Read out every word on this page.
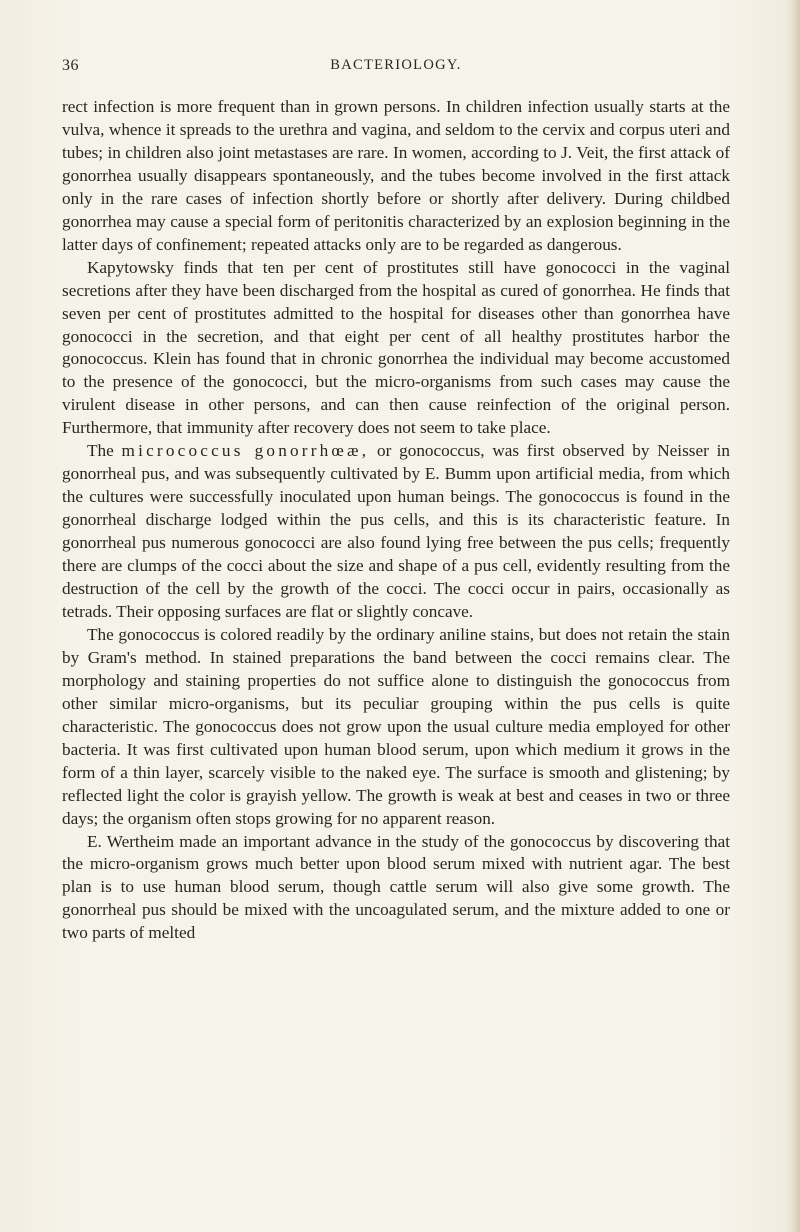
36	BACTERIOLOGY.

rect infection is more frequent than in grown persons. In children infection usually starts at the vulva, whence it spreads to the urethra and vagina, and seldom to the cervix and corpus uteri and tubes; in children also joint metastases are rare. In women, according to J. Veit, the first attack of gonorrhea usually disappears spontaneously, and the tubes become involved in the first attack only in the rare cases of infection shortly before or shortly after delivery. During childbed gonorrhea may cause a special form of peritonitis characterized by an explosion beginning in the latter days of confinement; repeated attacks only are to be regarded as dangerous.

Kapytowsky finds that ten per cent of prostitutes still have gonococci in the vaginal secretions after they have been discharged from the hospital as cured of gonorrhea. He finds that seven per cent of prostitutes admitted to the hospital for diseases other than gonorrhea have gonococci in the secretion, and that eight per cent of all healthy prostitutes harbor the gonococcus. Klein has found that in chronic gonorrhea the individual may become accustomed to the presence of the gonococci, but the micro-organisms from such cases may cause the virulent disease in other persons, and can then cause reinfection of the original person. Furthermore, that immunity after recovery does not seem to take place.

The micrococcus gonorrhœæ, or gonococcus, was first observed by Neisser in gonorrheal pus, and was subsequently cultivated by E. Bumm upon artificial media, from which the cultures were successfully inoculated upon human beings. The gonococcus is found in the gonorrheal discharge lodged within the pus cells, and this is its characteristic feature. In gonorrheal pus numerous gonococci are also found lying free between the pus cells; frequently there are clumps of the cocci about the size and shape of a pus cell, evidently resulting from the destruction of the cell by the growth of the cocci. The cocci occur in pairs, occasionally as tetrads. Their opposing surfaces are flat or slightly concave.

The gonococcus is colored readily by the ordinary aniline stains, but does not retain the stain by Gram's method. In stained preparations the band between the cocci remains clear. The morphology and staining properties do not suffice alone to distinguish the gonococcus from other similar micro-organisms, but its peculiar grouping within the pus cells is quite characteristic. The gonococcus does not grow upon the usual culture media employed for other bacteria. It was first cultivated upon human blood serum, upon which medium it grows in the form of a thin layer, scarcely visible to the naked eye. The surface is smooth and glistening; by reflected light the color is grayish yellow. The growth is weak at best and ceases in two or three days; the organism often stops growing for no apparent reason.

E. Wertheim made an important advance in the study of the gonococcus by discovering that the micro-organism grows much better upon blood serum mixed with nutrient agar. The best plan is to use human blood serum, though cattle serum will also give some growth. The gonorrheal pus should be mixed with the uncoagulated serum, and the mixture added to one or two parts of melted
